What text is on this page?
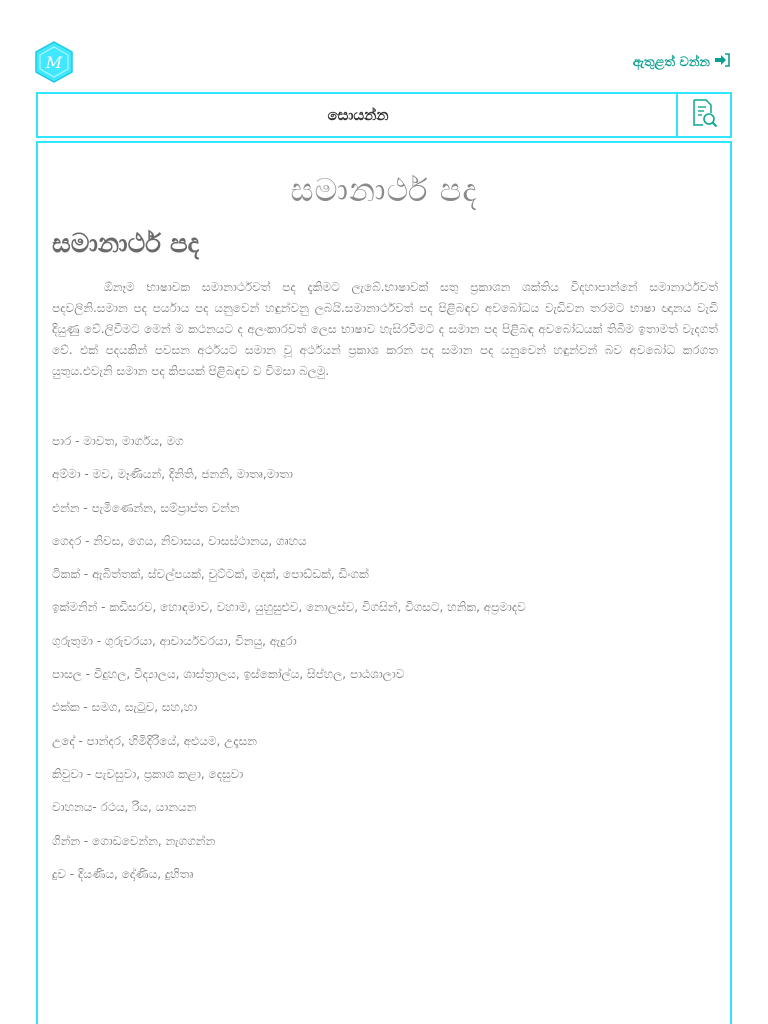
M	ඇතුළත් වන්න
සොයන්න
සමානාර්ථ පද
සමානාර්ථ පද

ඕනෑම භාෂාවක සමානාර්ථවත් පද දැකිමට ලැබේ.භාෂාවක් සතු ප්‍රකාශන ශක්තිය විදහාපාන්නේ සමානාර්ථවත් පදවලිනි.සමාන පද පර්යාය පද යනුවෙන් හඳුන්වනු ලබයි.සමානාර්ථවත් පද පිළිබඳව අවබෝධය වැඩිවන තරමට භාෂා ඥානය වැඩි දියුණු වේ.ලිවීමට මෙන් ම කථනයට ද අලංකාරවත් ලෙස භාෂාව හැසිරවීමට ද සමාන පද පිළිබඳ අවබෝධයක් තිබීම ඉතාමත් වැදගත් වේ. එක් පදයකින් පවසන අර්ථයට සමාන වූ අර්ථයන් ප්‍රකාශ කරන පද සමාන පද යනුවෙන් හඳුන්වන් බව අවබෝධ කරගත යුතුය.එවැනි සමාන පද කිපයක් පිළිබඳව ව විමසා බලමු.

පාර - මාවත, මාර්ගය, මග
අම්මා - මව, මෑණියන්, දිනිති, ජනනි, මාතෘ,මාතා
එන්න - පැමිණෙන්න, සම්ප්‍රාප්ත වන්න
ගෙදර - නිවස, ගෙය, නිවාසය, වාසස්ථානය, ගෘහය
ටිකක් - ඇබිත්තක්, ස්වල්පයක්, චුට්ටක්, මදක්, පොඩ්ඩක්, ඩිංගක්
ඉක්මනින් - කඩිසරව, හොඳමාව, වහාම, යුහුසුළුව, නොලස්ව, විගසින්, විගසට, හනික, අප්‍රමාදව
ගුරුතුමා - ගුරුවරයා, ආචාර්යවරයා, විනයු, ඇදුරා
පාසල - විදුහල, විද්‍යාලය, ශාස්ත්‍රාලය, ඉස්කෝල්ය, සිප්හල, පාඨශාලාව
එක්ක - සමග, සැටුව, සහ,හා
උදේ - පාන්දර, හිමිදිරියේ, අළුයම, උදෑසන
කිවුවා - පැවසුවා, ප්‍රකාශ කළා, දෙසුවා
වාහනය- රථය, රිය, යානයන
ගින්න - ගොඩවෙන්න, නැගගන්න
දුව - දියණිය, දෝණිය, දුහිතෘ
